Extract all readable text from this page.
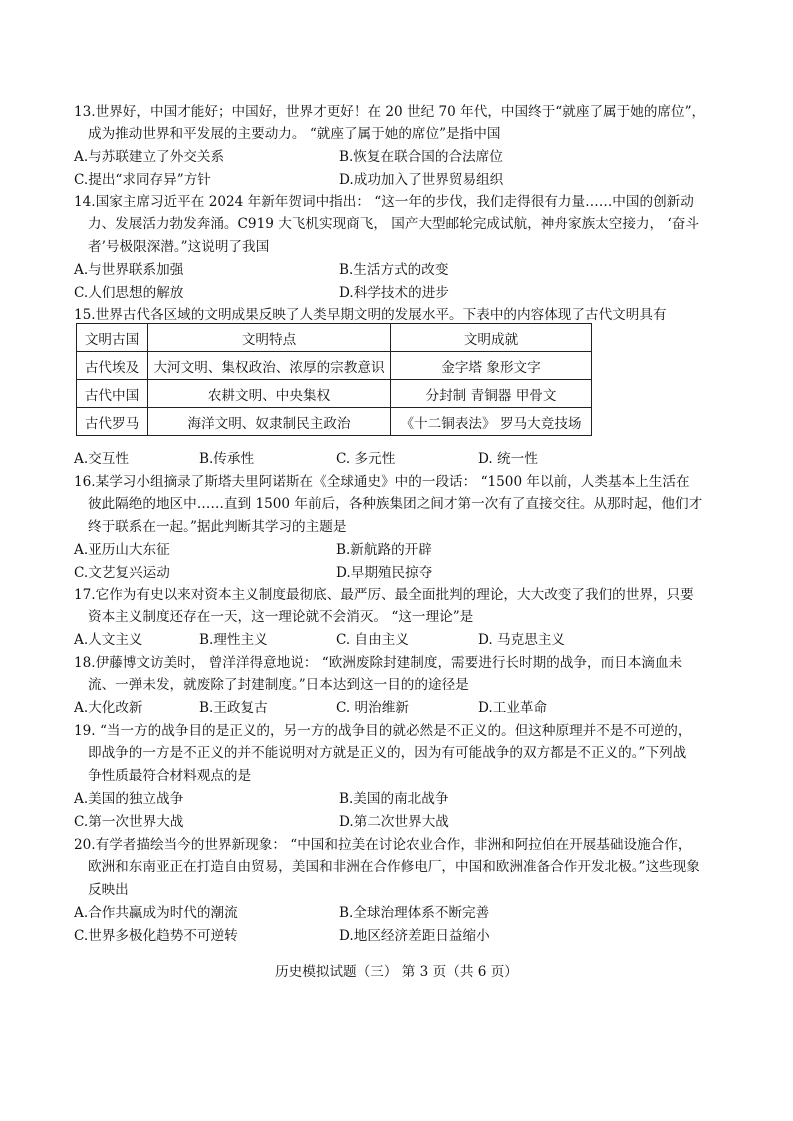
13.世界好，中国才能好；中国好，世界才更好！在 20 世纪 70 年代，中国终于“就座了属于她的席位”，
成为推动世界和平发展的主要动力。 “就座了属于她的席位”是指中国
A.与苏联建立了外交关系	B.恢复在联合国的合法席位
C.提出“求同存异”方针	D.成功加入了世界贸易组织
14.国家主席习近平在 2024 年新年贺词中指出： “这一年的步伐，我们走得很有力量……中国的创新动
力、发展活力勃发奔涌。C919 大飞机实现商飞， 国产大型邮轮完成试航，神舟家族太空接力， ‘奋斗
者’号极限深潜。”这说明了我国
A.与世界联系加强	B.生活方式的改变
C.人们思想的解放	D.科学技术的进步
15.世界古代各区域的文明成果反映了人类早期文明的发展水平。下表中的内容体现了古代文明具有
文明古国	文明特点	文明成就
古代埃及	大河文明、集权政治、浓厚的宗教意识	金字塔 象形文字
古代中国	农耕文明、中央集权	分封制 青铜器 甲骨文
古代罗马	海洋文明、奴隶制民主政治	《十二铜表法》 罗马大竞技场
A.交互性	B.传承性	C. 多元性	D. 统一性
16.某学习小组摘录了斯塔夫里阿诺斯在《全球通史》中的一段话： “1500 年以前，人类基本上生活在
彼此隔绝的地区中……直到 1500 年前后，各种族集团之间才第一次有了直接交往。从那时起，他们才
终于联系在一起。”据此判断其学习的主题是
A.亚历山大东征	B.新航路的开辟
C.文艺复兴运动	D.早期殖民掠夺
17.它作为有史以来对资本主义制度最彻底、最严厉、最全面批判的理论，大大改变了我们的世界，只要
资本主义制度还存在一天，这一理论就不会消灭。 “这一理论”是
A.人文主义	B.理性主义	C. 自由主义	D. 马克思主义
18.伊藤博文访美时， 曾洋洋得意地说： “欧洲废除封建制度，需要进行长时期的战争，而日本滴血未
流、一弹未发，就废除了封建制度。”日本达到这一目的的途径是
A.大化改新	B.王政复古	C. 明治维新	D.工业革命
19. “当一方的战争目的是正义的，另一方的战争目的就必然是不正义的。但这种原理并不是不可逆的，
即战争的一方是不正义的并不能说明对方就是正义的，因为有可能战争的双方都是不正义的。”下列战
争性质最符合材料观点的是
A.美国的独立战争	B.美国的南北战争
C.第一次世界大战	D.第二次世界大战
20.有学者描绘当今的世界新现象： “中国和拉美在讨论农业合作，非洲和阿拉伯在开展基础设施合作，
欧洲和东南亚正在打造自由贸易，美国和非洲在合作修电厂，中国和欧洲准备合作开发北极。”这些现象
反映出
A.合作共赢成为时代的潮流	B.全球治理体系不断完善
C.世界多极化趋势不可逆转	D.地区经济差距日益缩小
历史模拟试题（三） 第 3 页（共 6 页）
